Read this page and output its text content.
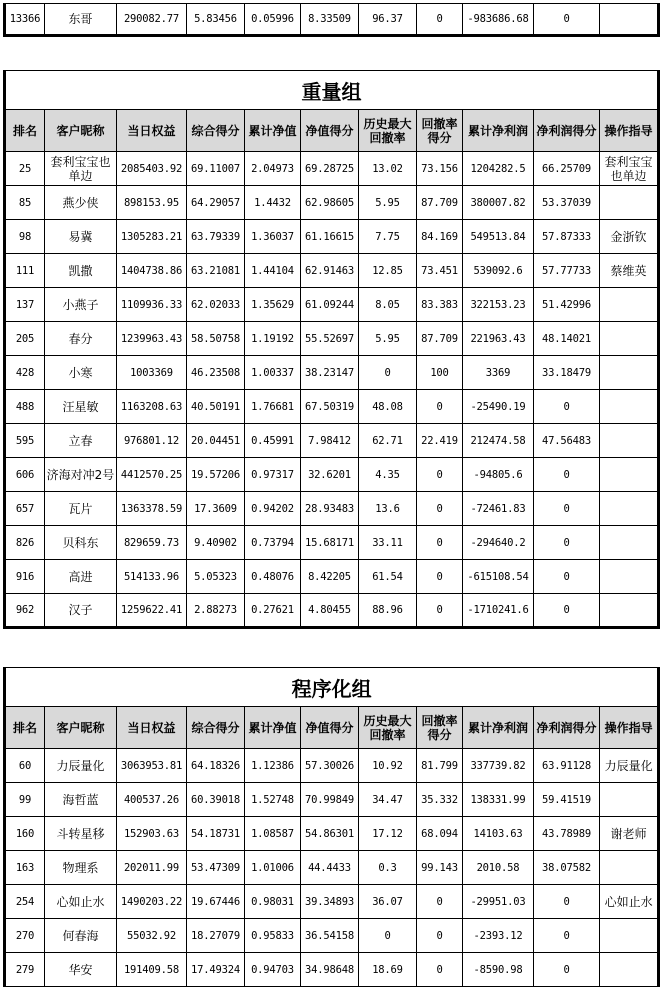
13366	东哥	290082.77	5.83456	0.05996	8.33509	96.37	0	-983686.68	0	
重量组										
排名	客户昵称	当日权益	综合得分	累计净值	净值得分	历史最大回撤率	回撤率得分	累计净利润	净利润得分	操作指导
25	套利宝宝也单边	2085403.92	69.11007	2.04973	69.28725	13.02	73.156	1204282.5	66.25709	套利宝宝也单边
85	燕少侠	898153.95	64.29057	1.4432	62.98605	5.95	87.709	380007.82	53.37039	
98	易冀	1305283.21	63.79339	1.36037	61.16615	7.75	84.169	549513.84	57.87333	金浙钦
111	凯撒	1404738.86	63.21081	1.44104	62.91463	12.85	73.451	539092.6	57.77733	蔡维英
137	小燕子	1109936.33	62.02033	1.35629	61.09244	8.05	83.383	322153.23	51.42996	
205	春分	1239963.43	58.50758	1.19192	55.52697	5.95	87.709	221963.43	48.14021	
428	小寒	1003369	46.23508	1.00337	38.23147	0	100	3369	33.18479	
488	汪星敏	1163208.63	40.50191	1.76681	67.50319	48.08	0	-25490.19	0	
595	立春	976801.12	20.04451	0.45991	7.98412	62.71	22.419	212474.58	47.56483	
606	济海对冲2号	4412570.25	19.57206	0.97317	32.6201	4.35	0	-94805.6	0	
657	瓦片	1363378.59	17.3609	0.94202	28.93483	13.6	0	-72461.83	0	
826	贝科东	829659.73	9.40902	0.73794	15.68171	33.11	0	-294640.2	0	
916	高进	514133.96	5.05323	0.48076	8.42205	61.54	0	-615108.54	0	
962	汉子	1259622.41	2.88273	0.27621	4.80455	88.96	0	-1710241.6	0	
程序化组										
排名	客户昵称	当日权益	综合得分	累计净值	净值得分	历史最大回撤率	回撤率得分	累计净利润	净利润得分	操作指导
60	力辰量化	3063953.81	64.18326	1.12386	57.30026	10.92	81.799	337739.82	63.91128	力辰量化
99	海哲蓝	400537.26	60.39018	1.52748	70.99849	34.47	35.332	138331.99	59.41519	
160	斗转星移	152903.63	54.18731	1.08587	54.86301	17.12	68.094	14103.63	43.78989	谢老师
163	物理系	202011.99	53.47309	1.01006	44.4433	0.3	99.143	2010.58	38.07582	
254	心如止水	1490203.22	19.67446	0.98031	39.34893	36.07	0	-29951.03	0	心如止水
270	何春海	55032.92	18.27079	0.95833	36.54158	0	0	-2393.12	0	
279	华安	191409.58	17.49324	0.94703	34.98648	18.69	0	-8590.98	0	
